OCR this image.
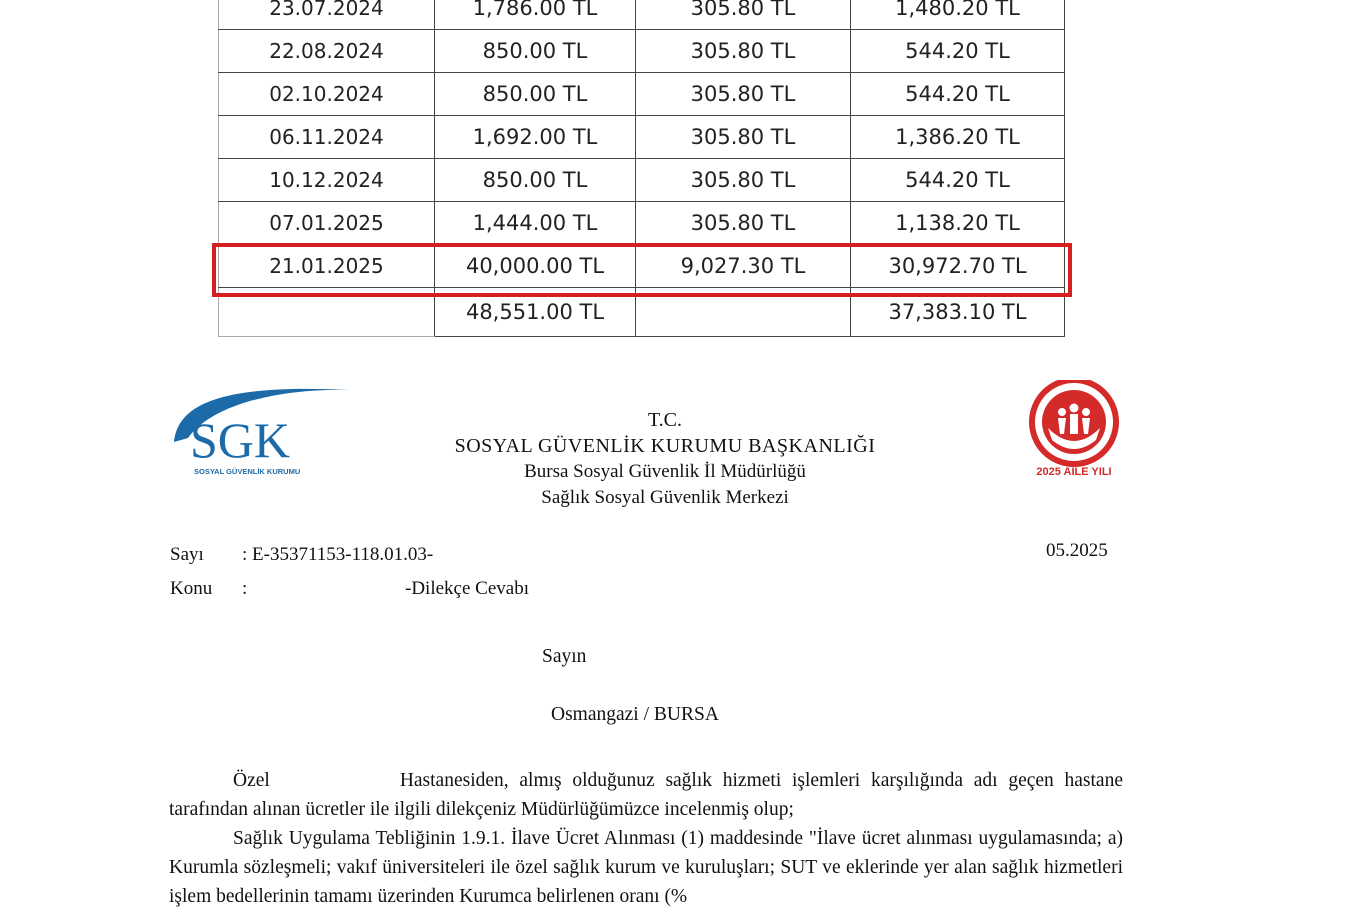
23.07.2024	1,786.00 TL	305.80 TL	1,480.20 TL
22.08.2024	850.00 TL	305.80 TL	544.20 TL
02.10.2024	850.00 TL	305.80 TL	544.20 TL
06.11.2024	1,692.00 TL	305.80 TL	1,386.20 TL
10.12.2024	850.00 TL	305.80 TL	544.20 TL
07.01.2025	1,444.00 TL	305.80 TL	1,138.20 TL
21.01.2025	40,000.00 TL	9,027.30 TL	30,972.70 TL
	48,551.00 TL		37,383.10 TL
SGK
SOSYAL GÜVENLİK KURUMU	2025 AİLE YILI
T.C.
SOSYAL GÜVENLİK KURUMU BAŞKANLIĞI
Bursa Sosyal Güvenlik İl Müdürlüğü
Sağlık Sosyal Güvenlik Merkezi
Sayı : E-35371153-118.01.03-	05.2025
Konu :	-Dilekçe Cevabı
Sayın
Osmangazi / BURSA

Özel	Hastanesiden, almış olduğunuz sağlık hizmeti işlemleri karşılığında adı geçen hastane tarafından alınan ücretler ile ilgili dilekçeniz Müdürlüğümüzce incelenmiş olup;

Sağlık Uygulama Tebliğinin 1.9.1. İlave Ücret Alınması (1) maddesinde "İlave ücret alınması uygulamasında; a) Kurumla sözleşmeli; vakıf üniversiteleri ile özel sağlık kurum ve kuruluşları; SUT ve eklerinde yer alan sağlık hizmetleri işlem bedellerinin tamamı üzerinden Kurumca belirlenen oranı (%
